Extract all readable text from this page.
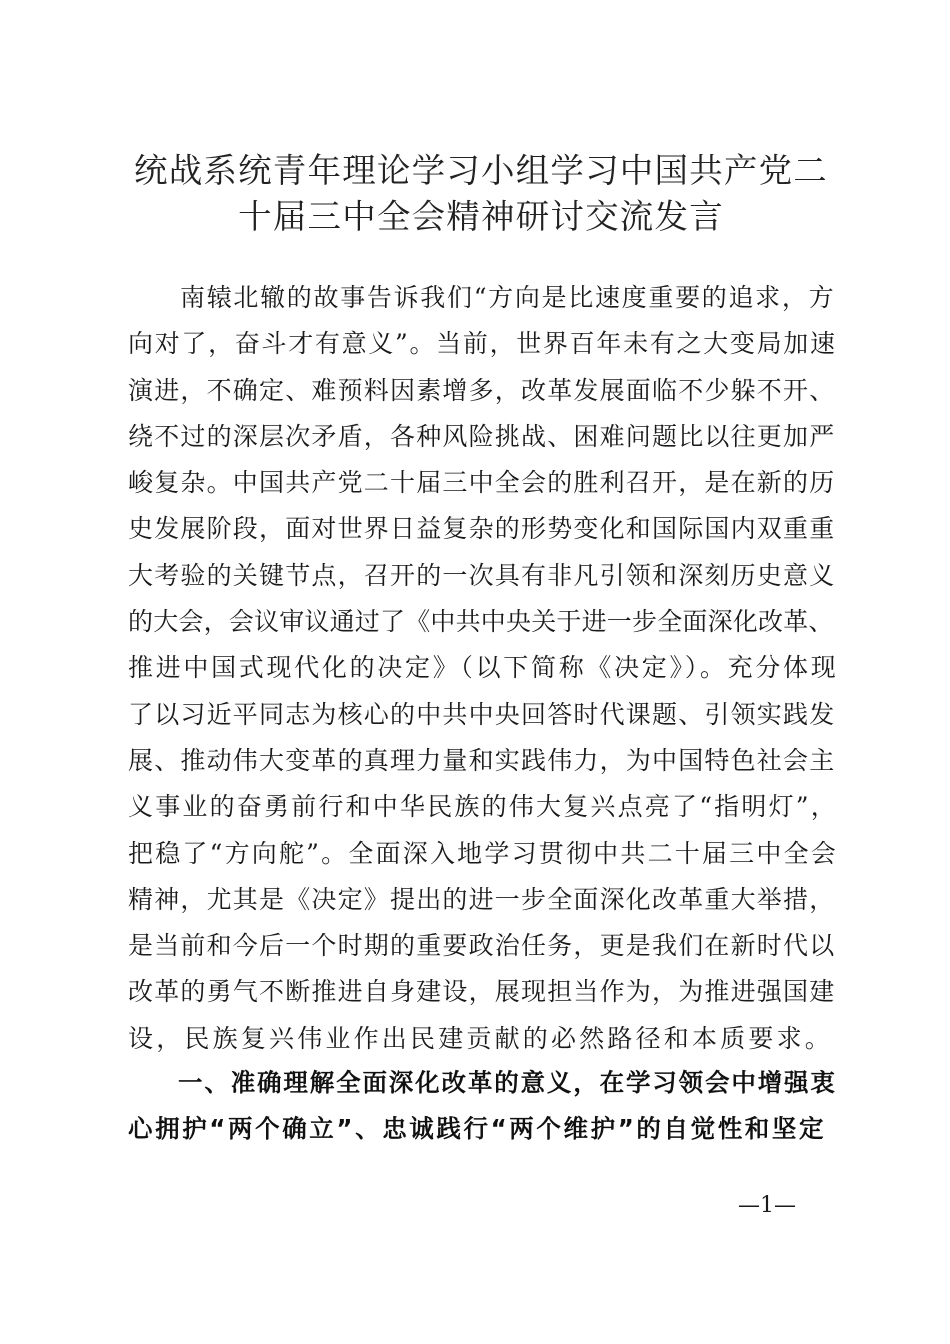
统战系统青年理论学习小组学习中国共产党二
十届三中全会精神研讨交流发言
南辕北辙的故事告诉我们“方向是比速度重要的追求，方
向对了，奋斗才有意义”。当前，世界百年未有之大变局加速
演进，不确定、难预料因素增多，改革发展面临不少躲不开、
绕不过的深层次矛盾，各种风险挑战、困难问题比以往更加严
峻复杂。中国共产党二十届三中全会的胜利召开，是在新的历
史发展阶段，面对世界日益复杂的形势变化和国际国内双重重
大考验的关键节点，召开的一次具有非凡引领和深刻历史意义
的大会，会议审议通过了《中共中央关于进一步全面深化改革、
推进中国式现代化的决定》（以下简称《决定》）。充分体现
了以习近平同志为核心的中共中央回答时代课题、引领实践发
展、推动伟大变革的真理力量和实践伟力，为中国特色社会主
义事业的奋勇前行和中华民族的伟大复兴点亮了“指明灯”，
把稳了“方向舵”。全面深入地学习贯彻中共二十届三中全会
精神，尤其是《决定》提出的进一步全面深化改革重大举措，
是当前和今后一个时期的重要政治任务，更是我们在新时代以
改革的勇气不断推进自身建设，展现担当作为，为推进强国建
设，民族复兴伟业作出民建贡献的必然路径和本质要求。
一、准确理解全面深化改革的意义，在学习领会中增强衷
心拥护“两个确立”、忠诚践行“两个维护”的自觉性和坚定
—1—
